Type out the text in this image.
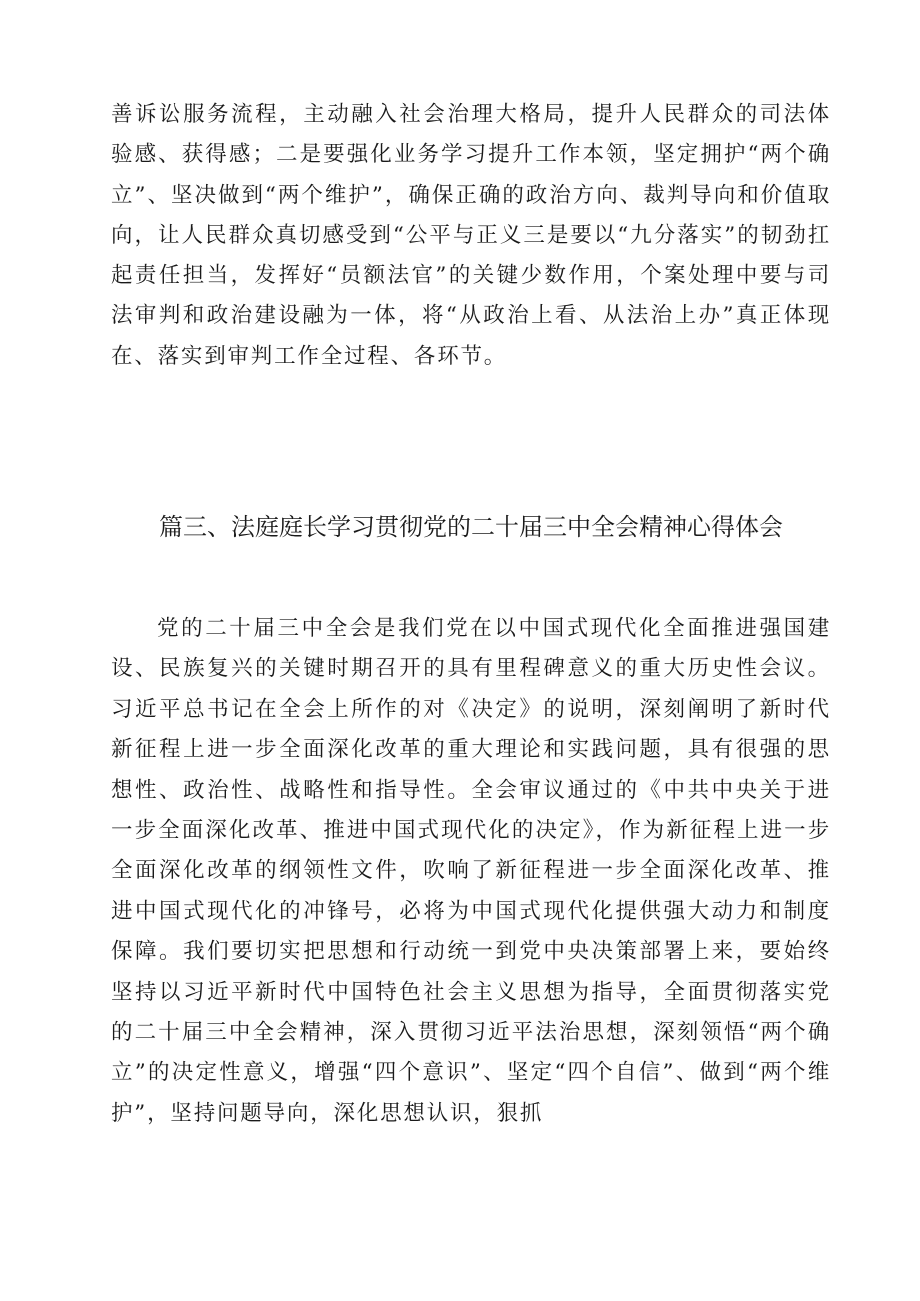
善诉讼服务流程，主动融入社会治理大格局，提升人民群众的司法体验感、获得感；二是要强化业务学习提升工作本领，坚定拥护“两个确立”、坚决做到“两个维护”，确保正确的政治方向、裁判导向和价值取向，让人民群众真切感受到“公平与正义三是要以“九分落实”的韧劲扛起责任担当，发挥好“员额法官”的关键少数作用，个案处理中要与司法审判和政治建设融为一体，将“从政治上看、从法治上办”真正体现在、落实到审判工作全过程、各环节。

篇三、法庭庭长学习贯彻党的二十届三中全会精神心得体会

党的二十届三中全会是我们党在以中国式现代化全面推进强国建设、民族复兴的关键时期召开的具有里程碑意义的重大历史性会议。习近平总书记在全会上所作的对《决定》的说明，深刻阐明了新时代新征程上进一步全面深化改革的重大理论和实践问题，具有很强的思想性、政治性、战略性和指导性。全会审议通过的《中共中央关于进一步全面深化改革、推进中国式现代化的决定》，作为新征程上进一步全面深化改革的纲领性文件，吹响了新征程进一步全面深化改革、推进中国式现代化的冲锋号，必将为中国式现代化提供强大动力和制度保障。我们要切实把思想和行动统一到党中央决策部署上来，要始终坚持以习近平新时代中国特色社会主义思想为指导，全面贯彻落实党的二十届三中全会精神，深入贯彻习近平法治思想，深刻领悟“两个确立”的决定性意义，增强“四个意识”、坚定“四个自信”、做到“两个维护”，坚持问题导向，深化思想认识，狠抓
